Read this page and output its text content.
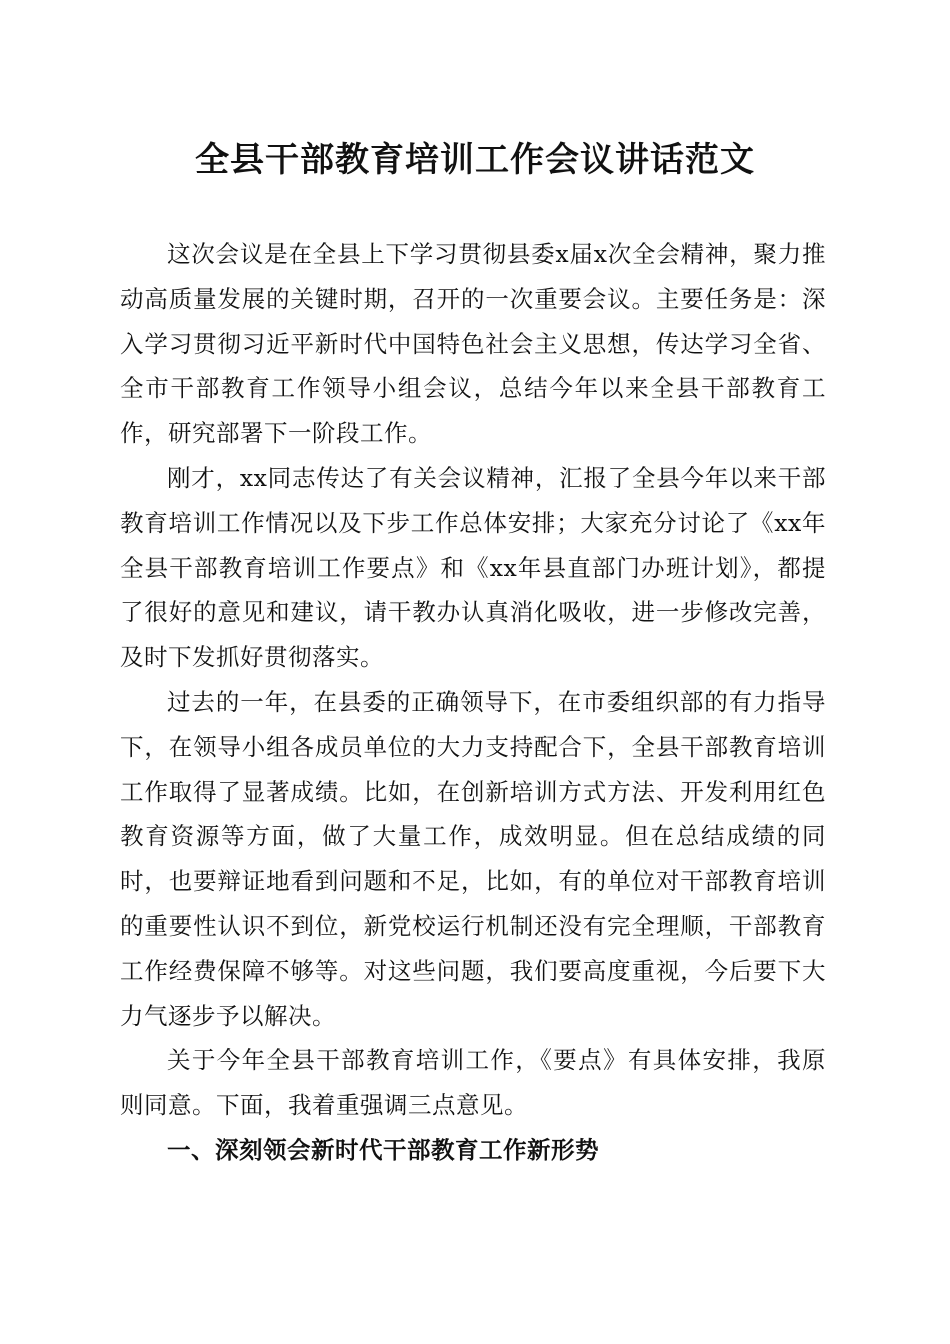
全县干部教育培训工作会议讲话范文

这次会议是在全县上下学习贯彻县委x届x次全会精神，聚力推动高质量发展的关键时期，召开的一次重要会议。主要任务是：深入学习贯彻习近平新时代中国特色社会主义思想，传达学习全省、全市干部教育工作领导小组会议，总结今年以来全县干部教育工作，研究部署下一阶段工作。

刚才，xx同志传达了有关会议精神，汇报了全县今年以来干部教育培训工作情况以及下步工作总体安排；大家充分讨论了《xx年全县干部教育培训工作要点》和《xx年县直部门办班计划》，都提了很好的意见和建议，请干教办认真消化吸收，进一步修改完善，及时下发抓好贯彻落实。

过去的一年，在县委的正确领导下，在市委组织部的有力指导下，在领导小组各成员单位的大力支持配合下，全县干部教育培训工作取得了显著成绩。比如，在创新培训方式方法、开发利用红色教育资源等方面，做了大量工作，成效明显。但在总结成绩的同时，也要辩证地看到问题和不足，比如，有的单位对干部教育培训的重要性认识不到位，新党校运行机制还没有完全理顺，干部教育工作经费保障不够等。对这些问题，我们要高度重视，今后要下大力气逐步予以解决。

关于今年全县干部教育培训工作，《要点》有具体安排，我原则同意。下面，我着重强调三点意见。

一、深刻领会新时代干部教育工作新形势
